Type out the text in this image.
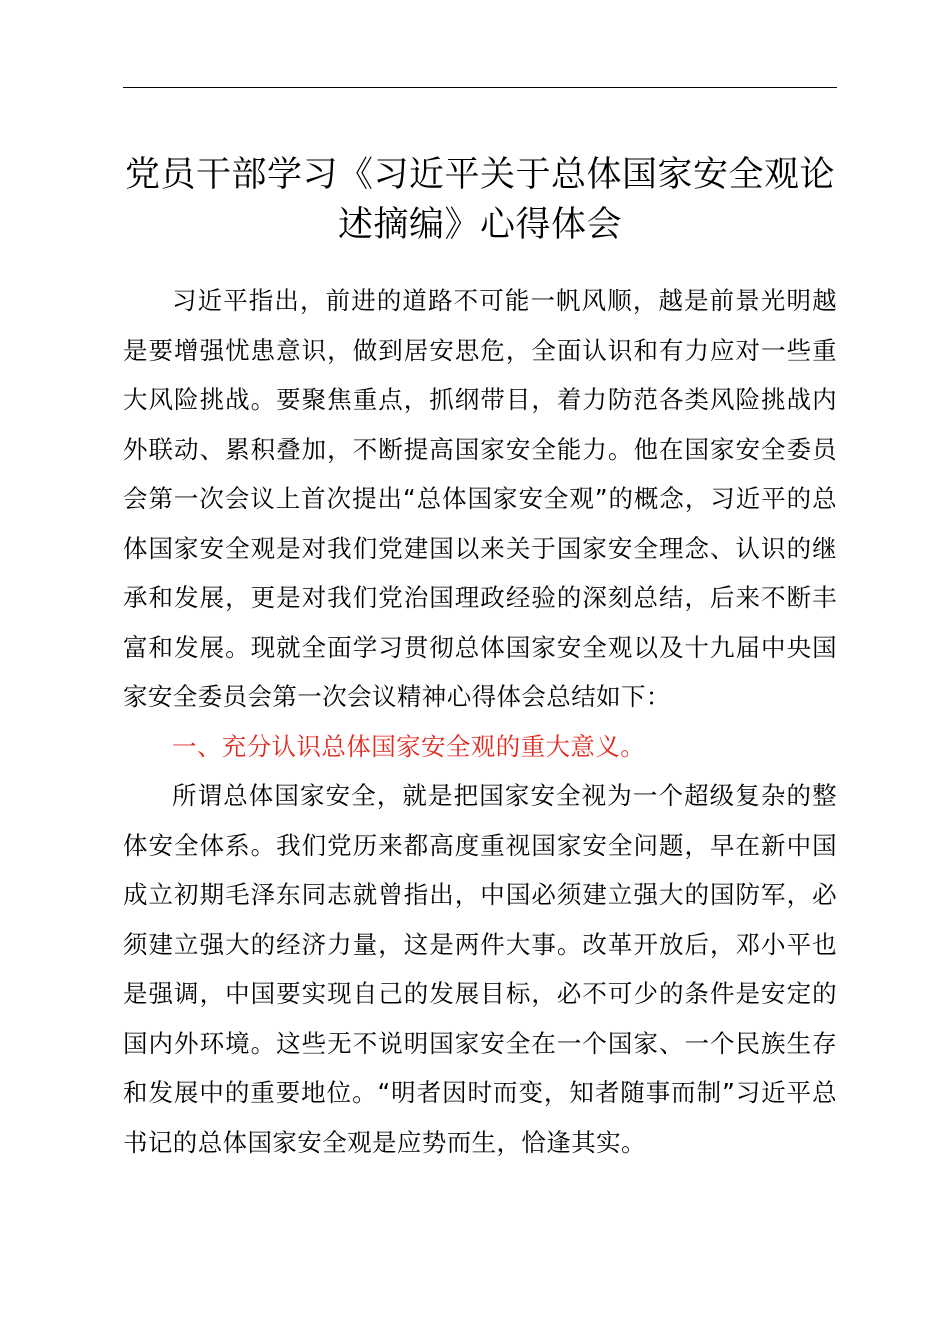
党员干部学习《习近平关于总体国家安全观论
述摘编》心得体会

习近平指出，前进的道路不可能一帆风顺，越是前景光明越是要增强忧患意识，做到居安思危，全面认识和有力应对一些重大风险挑战。要聚焦重点，抓纲带目，着力防范各类风险挑战内外联动、累积叠加，不断提高国家安全能力。他在国家安全委员会第一次会议上首次提出“总体国家安全观”的概念，习近平的总体国家安全观是对我们党建国以来关于国家安全理念、认识的继承和发展，更是对我们党治国理政经验的深刻总结，后来不断丰富和发展。现就全面学习贯彻总体国家安全观以及十九届中央国家安全委员会第一次会议精神心得体会总结如下：

一、充分认识总体国家安全观的重大意义。

所谓总体国家安全，就是把国家安全视为一个超级复杂的整体安全体系。我们党历来都高度重视国家安全问题，早在新中国成立初期毛泽东同志就曾指出，中国必须建立强大的国防军，必须建立强大的经济力量，这是两件大事。改革开放后，邓小平也是强调，中国要实现自己的发展目标，必不可少的条件是安定的国内外环境。这些无不说明国家安全在一个国家、一个民族生存和发展中的重要地位。“明者因时而变，知者随事而制”习近平总书记的总体国家安全观是应势而生，恰逢其实。
